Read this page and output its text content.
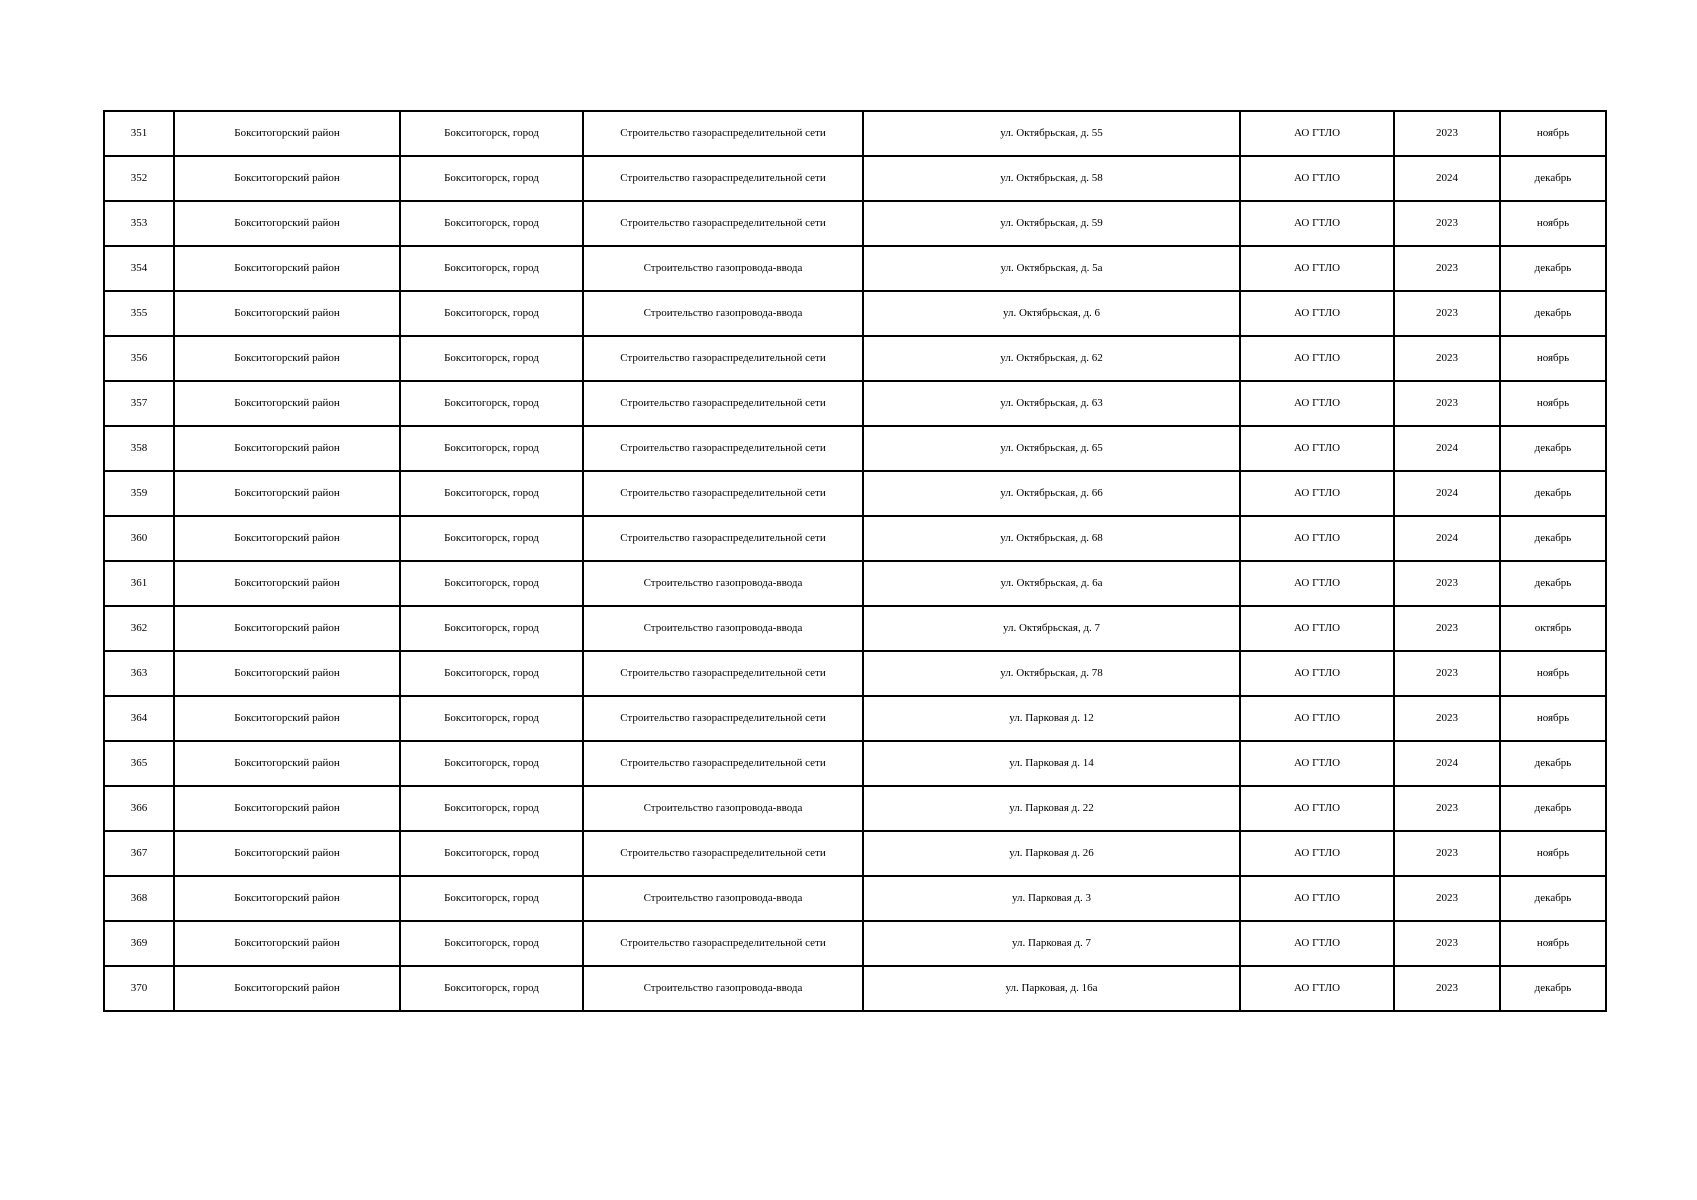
351	Бокситогорский район	Бокситогорск, город	Строительство газораспределительной сети	ул. Октябрьская, д. 55	АО ГТЛО	2023	ноябрь
352	Бокситогорский район	Бокситогорск, город	Строительство газораспределительной сети	ул. Октябрьская, д. 58	АО ГТЛО	2024	декабрь
353	Бокситогорский район	Бокситогорск, город	Строительство газораспределительной сети	ул. Октябрьская, д. 59	АО ГТЛО	2023	ноябрь
354	Бокситогорский район	Бокситогорск, город	Строительство газопровода-ввода	ул. Октябрьская, д. 5а	АО ГТЛО	2023	декабрь
355	Бокситогорский район	Бокситогорск, город	Строительство газопровода-ввода	ул. Октябрьская, д. 6	АО ГТЛО	2023	декабрь
356	Бокситогорский район	Бокситогорск, город	Строительство газораспределительной сети	ул. Октябрьская, д. 62	АО ГТЛО	2023	ноябрь
357	Бокситогорский район	Бокситогорск, город	Строительство газораспределительной сети	ул. Октябрьская, д. 63	АО ГТЛО	2023	ноябрь
358	Бокситогорский район	Бокситогорск, город	Строительство газораспределительной сети	ул. Октябрьская, д. 65	АО ГТЛО	2024	декабрь
359	Бокситогорский район	Бокситогорск, город	Строительство газораспределительной сети	ул. Октябрьская, д. 66	АО ГТЛО	2024	декабрь
360	Бокситогорский район	Бокситогорск, город	Строительство газораспределительной сети	ул. Октябрьская, д. 68	АО ГТЛО	2024	декабрь
361	Бокситогорский район	Бокситогорск, город	Строительство газопровода-ввода	ул. Октябрьская, д. 6а	АО ГТЛО	2023	декабрь
362	Бокситогорский район	Бокситогорск, город	Строительство газопровода-ввода	ул. Октябрьская, д. 7	АО ГТЛО	2023	октябрь
363	Бокситогорский район	Бокситогорск, город	Строительство газораспределительной сети	ул. Октябрьская, д. 78	АО ГТЛО	2023	ноябрь
364	Бокситогорский район	Бокситогорск, город	Строительство газораспределительной сети	ул. Парковая д. 12	АО ГТЛО	2023	ноябрь
365	Бокситогорский район	Бокситогорск, город	Строительство газораспределительной сети	ул. Парковая д. 14	АО ГТЛО	2024	декабрь
366	Бокситогорский район	Бокситогорск, город	Строительство газопровода-ввода	ул. Парковая д. 22	АО ГТЛО	2023	декабрь
367	Бокситогорский район	Бокситогорск, город	Строительство газораспределительной сети	ул. Парковая д. 26	АО ГТЛО	2023	ноябрь
368	Бокситогорский район	Бокситогорск, город	Строительство газопровода-ввода	ул. Парковая д. 3	АО ГТЛО	2023	декабрь
369	Бокситогорский район	Бокситогорск, город	Строительство газораспределительной сети	ул. Парковая д. 7	АО ГТЛО	2023	ноябрь
370	Бокситогорский район	Бокситогорск, город	Строительство газопровода-ввода	ул. Парковая, д. 16а	АО ГТЛО	2023	декабрь
